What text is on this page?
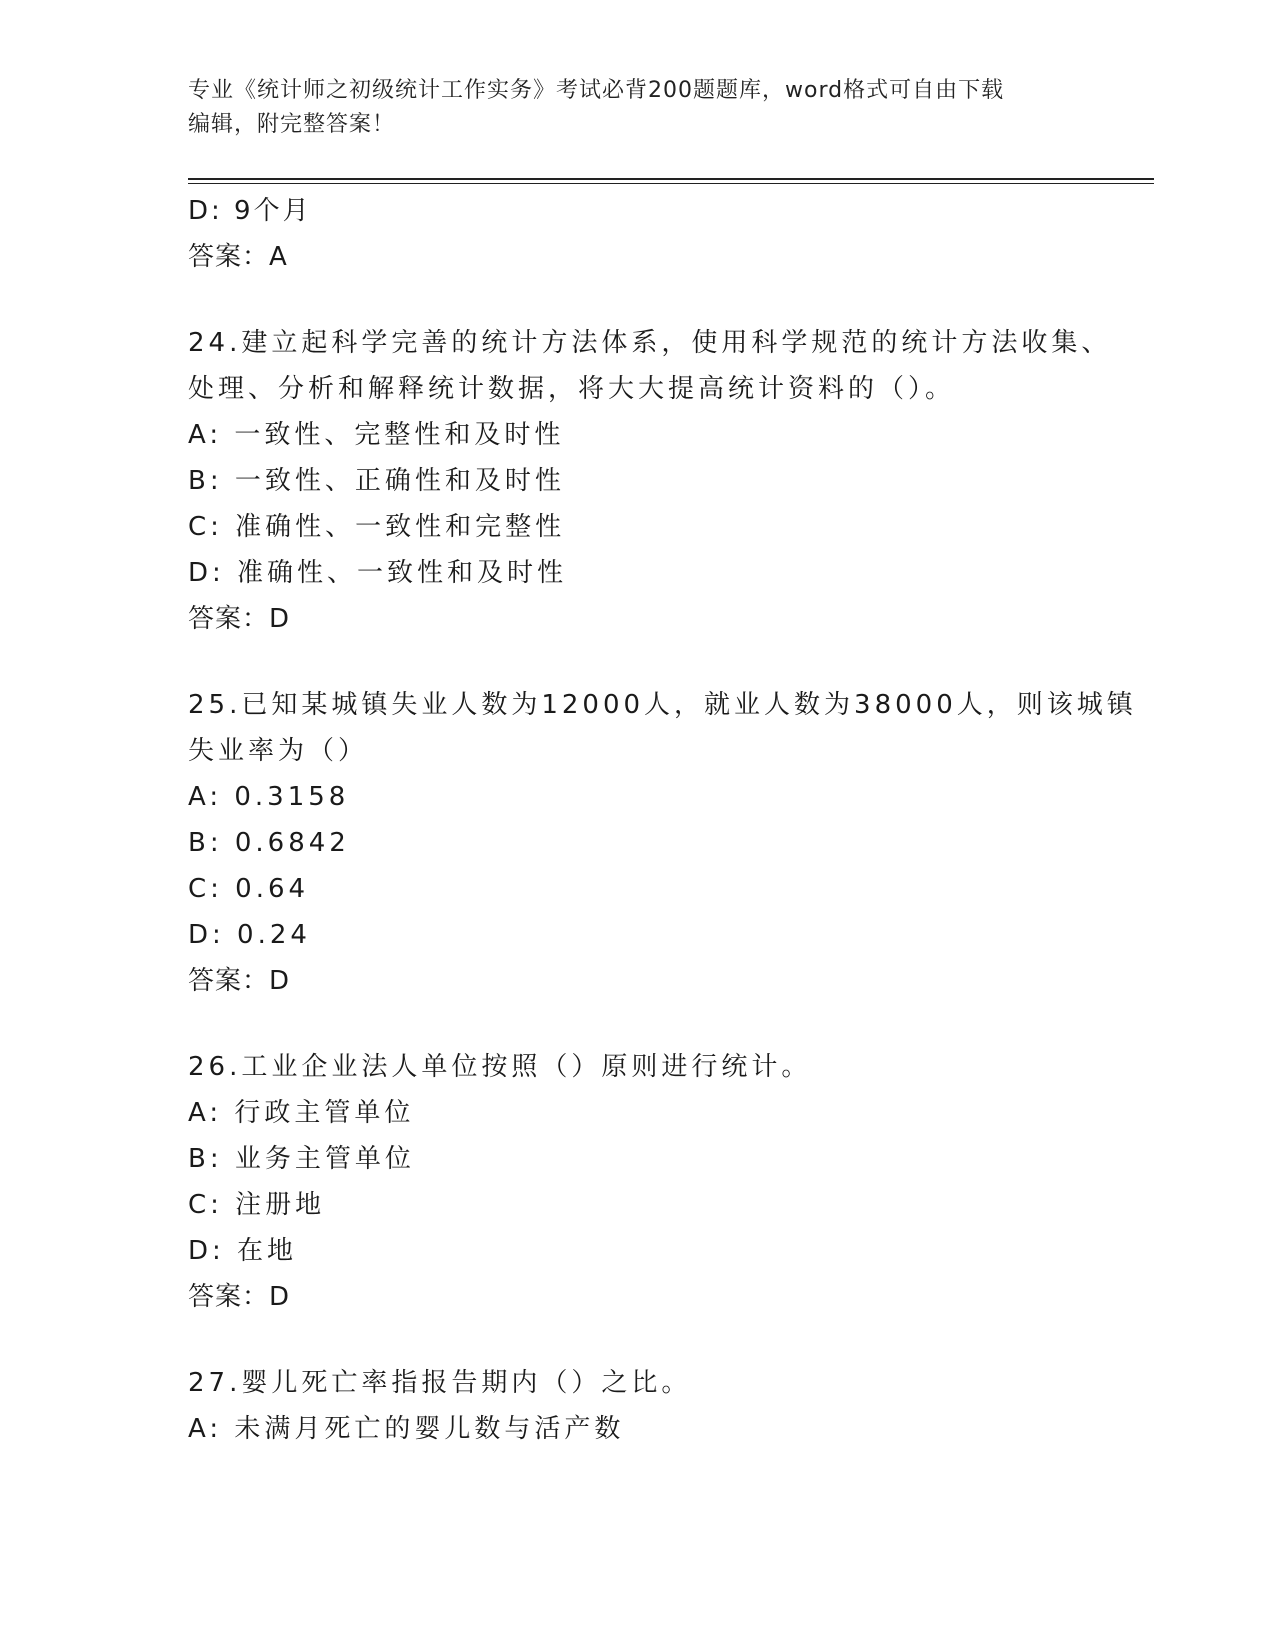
专业《统计师之初级统计工作实务》考试必背200题题库，word格式可自由下载
编辑，附完整答案！
D: 9个月
答案：A
24.建立起科学完善的统计方法体系，使用科学规范的统计方法收集、
处理、分析和解释统计数据，将大大提高统计资料的（）。
A: 一致性、完整性和及时性
B: 一致性、正确性和及时性
C: 准确性、一致性和完整性
D: 准确性、一致性和及时性
答案：D
25.已知某城镇失业人数为12000人，就业人数为38000人，则该城镇
失业率为（）
A: 0.3158
B: 0.6842
C: 0.64
D: 0.24
答案：D
26.工业企业法人单位按照（）原则进行统计。
A: 行政主管单位
B: 业务主管单位
C: 注册地
D: 在地
答案：D
27.婴儿死亡率指报告期内（）之比。
A: 未满月死亡的婴儿数与活产数
